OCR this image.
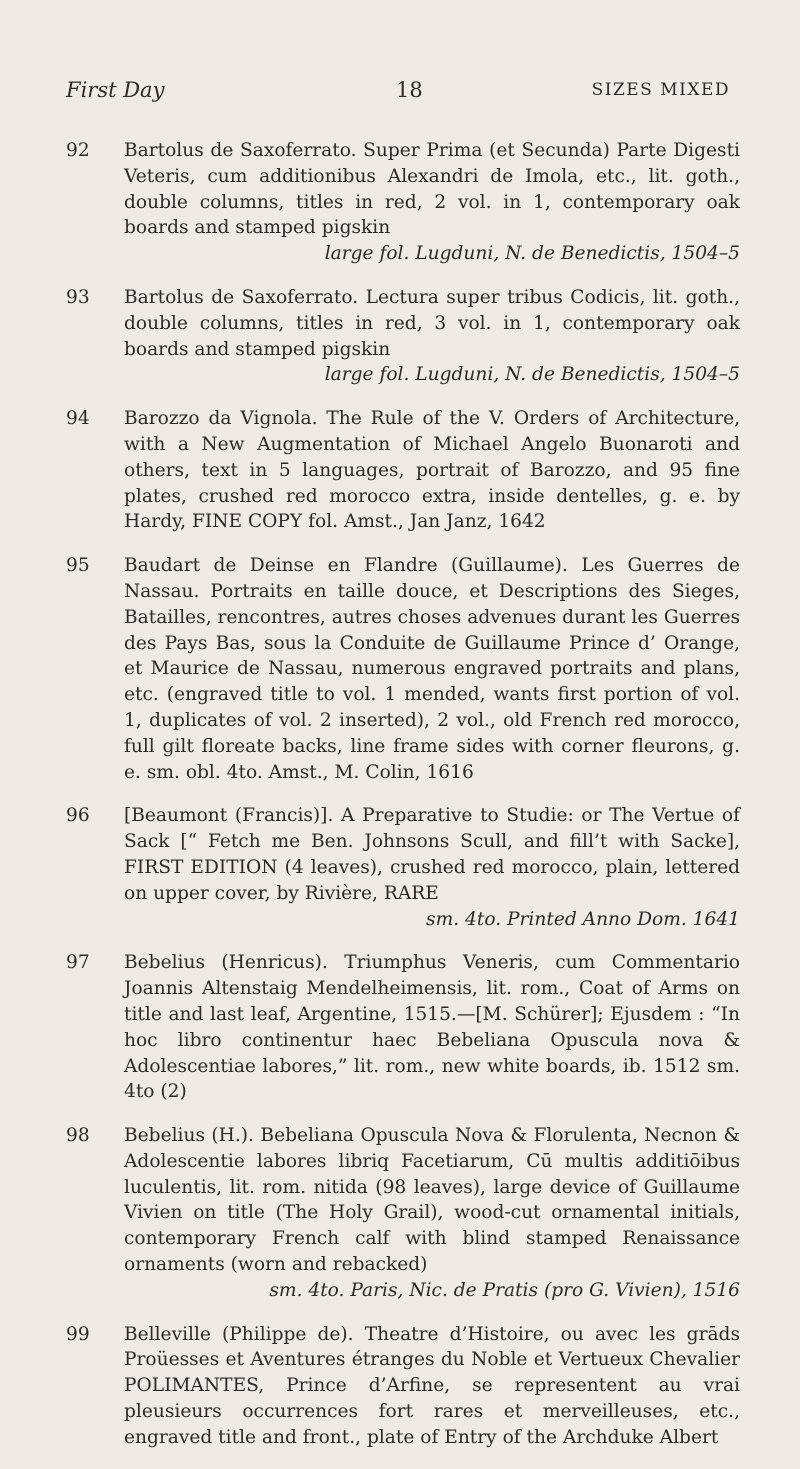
First Day	18	SIZES MIXED
92 Bartolus de Saxoferrato. Super Prima (et Secunda) Parte Digesti Veteris, cum additionibus Alexandri de Imola, etc., lit. goth., double columns, titles in red, 2 vol. in 1, contemporary oak boards and stamped pigskin
large fol. Lugduni, N. de Benedictis, 1504–5
93 Bartolus de Saxoferrato. Lectura super tribus Codicis, lit. goth., double columns, titles in red, 3 vol. in 1, contemporary oak boards and stamped pigskin
large fol. Lugduni, N. de Benedictis, 1504–5
94 Barozzo da Vignola. The Rule of the V. Orders of Architecture, with a New Augmentation of Michael Angelo Buonaroti and others, text in 5 languages, portrait of Barozzo, and 95 fine plates, crushed red morocco extra, inside dentelles, g. e. by Hardy, FINE COPY fol. Amst., Jan Janz, 1642
95 Baudart de Deinse en Flandre (Guillaume). Les Guerres de Nassau. Portraits en taille douce, et Descriptions des Sieges, Batailles, rencontres, autres choses advenues durant les Guerres des Pays Bas, sous la Conduite de Guillaume Prince d’ Orange, et Maurice de Nassau, numerous engraved portraits and plans, etc. (engraved title to vol. 1 mended, wants first portion of vol. 1, duplicates of vol. 2 inserted), 2 vol., old French red morocco, full gilt floreate backs, line frame sides with corner fleurons, g. e. sm. obl. 4to. Amst., M. Colin, 1616
96 [Beaumont (Francis)]. A Preparative to Studie: or The Vertue of Sack [“ Fetch me Ben. Johnsons Scull, and fill’t with Sacke], FIRST EDITION (4 leaves), crushed red morocco, plain, lettered on upper cover, by Rivière, RARE
sm. 4to. Printed Anno Dom. 1641
97 Bebelius (Henricus). Triumphus Veneris, cum Commentario Joannis Altenstaig Mendelheimensis, lit. rom., Coat of Arms on title and last leaf, Argentine, 1515.—[M. Schürer]; Ejusdem : “In hoc libro continentur haec Bebeliana Opuscula nova & Adolescentiae labores,” lit. rom., new white boards, ib. 1512 sm. 4to (2)
98 Bebelius (H.). Bebeliana Opuscula Nova & Florulenta, Necnon & Adolescentie labores libriq Facetiarum, Cū multis additiōibus luculentis, lit. rom. nitida (98 leaves), large device of Guillaume Vivien on title (The Holy Grail), wood-cut ornamental initials, contemporary French calf with blind stamped Renaissance ornaments (worn and rebacked)
sm. 4to. Paris, Nic. de Pratis (pro G. Vivien), 1516
99 Belleville (Philippe de). Theatre d’Histoire, ou avec les grāds Proüesses et Aventures étranges du Noble et Vertueux Chevalier POLIMANTES, Prince d’Arfine, se representent au vrai pleusieurs occurrences fort rares et merveilleuses, etc., engraved title and front., plate of Entry of the Archduke Albert
